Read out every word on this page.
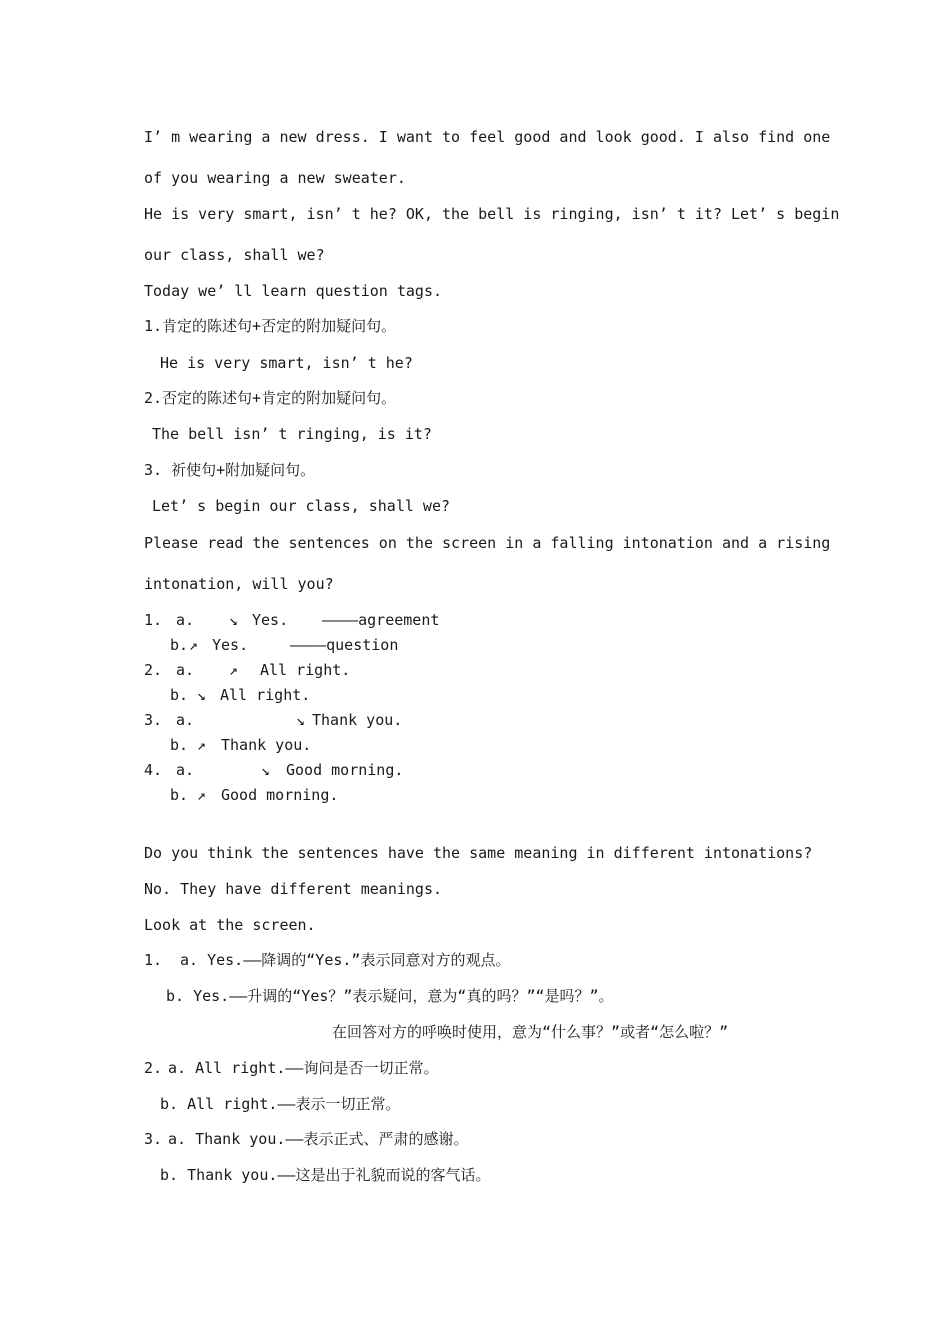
I’ m wearing a new dress. I want to feel good and look good. I also find one

of you wearing a new sweater.

He is very smart, isn’ t he? OK, the bell is ringing, isn’ t it? Let’ s begin

our class, shall we?

Today we’ ll learn question tags.

1.肯定的陈述句+否定的附加疑问句。

He is very smart, isn’ t he?

2.否定的陈述句+肯定的附加疑问句。

The bell isn’ t ringing, is it?

3. 祈使句+附加疑问句。

Let’ s begin our class, shall we?

Please read the sentences on the screen in a falling intonation and a rising

intonation, will you?

1. a. ↘ Yes. ————agreement
b. ↗ Yes.	————question
2. a. ↗ All right.
b. ↘ All right.
3. a.	↘ Thank you.
b. ↗ Thank you.
4. a.	↘ Good morning.
b. ↗ Good morning.

Do you think the sentences have the same meaning in different intonations?

No. They have different meanings.

Look at the screen.

1. a. Yes.——降调的“Yes.”表示同意对方的观点。
b. Yes.——升调的“Yes？”表示疑问，意为“真的吗？”“是吗？”。
在回答对方的呼唤时使用，意为“什么事？”或者“怎么啦？”
2. a. All right.——询问是否一切正常。
b. All right.——表示一切正常。
3. a. Thank you.——表示正式、严肃的感谢。
b. Thank you.——这是出于礼貌而说的客气话。
